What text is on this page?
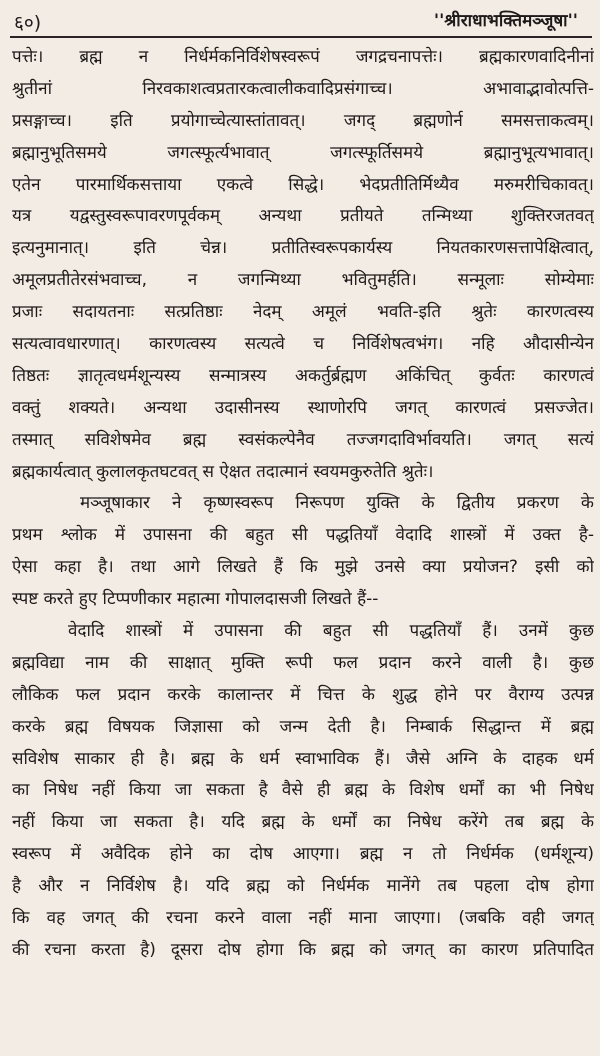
६०)	''श्रीराधाभक्तिमञ्जूषा''
पत्तेः। ब्रह्म न निर्धर्मकनिर्विशेषस्वरूपं जगद्रचनापत्तेः। ब्रह्मकारणवादिनीनां
श्रुतीनां निरवकाशत्वप्रतारकत्वालीकवादिप्रसंगाच्च। अभावाद्भावोत्पत्ति-
प्रसङ्गाच्च। इति प्रयोगाच्चेत्यास्तांतावत्। जगद् ब्रह्मणोर्न समसत्ताकत्वम्।
ब्रह्मानुभूतिसमये जगत्स्फूर्त्यभावात् जगत्स्फूर्तिसमये ब्रह्मानुभूत्यभावात्।
एतेन पारमार्थिकसत्ताया एकत्वे सिद्धे। भेदप्रतीतिर्मिथ्यैव मरुमरीचिकावत्।
यत्र यद्वस्तुस्वरूपावरणपूर्वकम् अन्यथा प्रतीयते तन्मिथ्या शुक्तिरजतवत्
इत्यनुमानात्। इति चेन्न। प्रतीतिस्वरूपकार्यस्य नियतकारणसत्तापेक्षित्वात्,
अमूलप्रतीतेरसंभवाच्च, न जगन्मिथ्या भवितुमर्हति। सन्मूलाः सोम्येमाः
प्रजाः सदायतनाः सत्प्रतिष्ठाः नेदम् अमूलं भवति-इति श्रुतेः कारणत्वस्य
सत्यत्वावधारणात्। कारणत्वस्य सत्यत्वे च निर्विशेषत्वभंग। नहि औदासीन्येन
तिष्ठतः ज्ञातृत्वधर्मशून्यस्य सन्मात्रस्य अकर्तुर्ब्रह्मण अकिंचित् कुर्वतः कारणत्वं
वक्तुं शक्यते। अन्यथा उदासीनस्य स्थाणोरपि जगत् कारणत्वं प्रसज्जेत।
तस्मात् सविशेषमेव ब्रह्म स्वसंकल्पेनैव तज्जगदाविर्भावयति। जगत् सत्यं
ब्रह्मकार्यत्वात् कुलालकृतघटवत् स ऐक्षत तदात्मानं स्वयमकुरुतेति श्रुतेः।
मञ्जूषाकार ने कृष्णस्वरूप निरूपण युक्ति के द्वितीय प्रकरण के
प्रथम श्लोक में उपासना की बहुत सी पद्धतियाँ वेदादि शास्त्रों में उक्त है-
ऐसा कहा है। तथा आगे लिखते हैं कि मुझे उनसे क्या प्रयोजन? इसी को
स्पष्ट करते हुए टिप्पणीकार महात्मा गोपालदासजी लिखते हैं--
वेदादि शास्त्रों में उपासना की बहुत सी पद्धतियाँ हैं। उनमें कुछ
ब्रह्मविद्या नाम की साक्षात् मुक्ति रूपी फल प्रदान करने वाली है। कुछ
लौकिक फल प्रदान करके कालान्तर में चित्त के शुद्ध होने पर वैराग्य उत्पन्न
करके ब्रह्म विषयक जिज्ञासा को जन्म देती है। निम्बार्क सिद्धान्त में ब्रह्म
सविशेष साकार ही है। ब्रह्म के धर्म स्वाभाविक हैं। जैसे अग्नि के दाहक धर्म
का निषेध नहीं किया जा सकता है वैसे ही ब्रह्म के विशेष धर्मों का भी निषेध
नहीं किया जा सकता है। यदि ब्रह्म के धर्मों का निषेध करेंगे तब ब्रह्म के
स्वरूप में अवैदिक होने का दोष आएगा। ब्रह्म न तो निर्धर्मक (धर्मशून्य)
है और न निर्विशेष है। यदि ब्रह्म को निर्धर्मक मानेंगे तब पहला दोष होगा
कि वह जगत् की रचना करने वाला नहीं माना जाएगा। (जबकि वही जगत्
की रचना करता है) दूसरा दोष होगा कि ब्रह्म को जगत् का कारण प्रतिपादित
